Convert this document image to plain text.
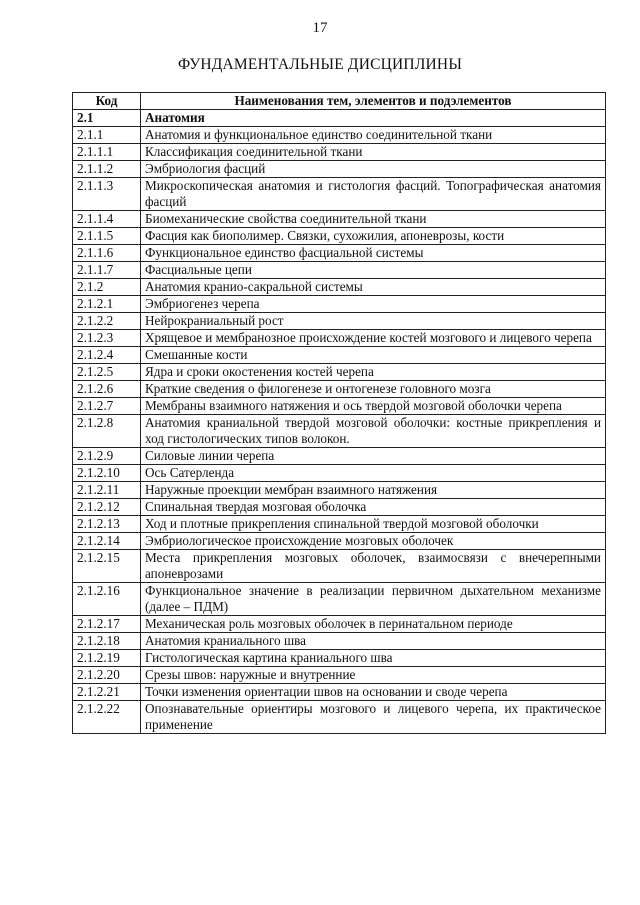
17
ФУНДАМЕНТАЛЬНЫЕ ДИСЦИПЛИНЫ
Код	Наименования тем, элементов и подэлементов
2.1	Анатомия
2.1.1	Анатомия и функциональное единство соединительной ткани
2.1.1.1	Классификация соединительной ткани
2.1.1.2	Эмбриология фасций
2.1.1.3	Микроскопическая анатомия и гистология фасций. Топографическая анатомия фасций
2.1.1.4	Биомеханические свойства соединительной ткани
2.1.1.5	Фасция как биополимер. Связки, сухожилия, апоневрозы, кости
2.1.1.6	Функциональное единство фасциальной системы
2.1.1.7	Фасциальные цепи
2.1.2	Анатомия кранио-сакральной системы
2.1.2.1	Эмбриогенез черепа
2.1.2.2	Нейрокраниальный рост
2.1.2.3	Хрящевое и мембранозное происхождение костей мозгового и лицевого черепа
2.1.2.4	Смешанные кости
2.1.2.5	Ядра и сроки окостенения костей черепа
2.1.2.6	Краткие сведения о филогенезе и онтогенезе головного мозга
2.1.2.7	Мембраны взаимного натяжения и ось твердой мозговой оболочки черепа
2.1.2.8	Анатомия краниальной твердой мозговой оболочки: костные прикрепления и ход гистологических типов волокон.
2.1.2.9	Силовые линии черепа
2.1.2.10	Ось Сатерленда
2.1.2.11	Наружные проекции мембран взаимного натяжения
2.1.2.12	Спинальная твердая мозговая оболочка
2.1.2.13	Ход и плотные прикрепления спинальной твердой мозговой оболочки
2.1.2.14	Эмбриологическое происхождение мозговых оболочек
2.1.2.15	Места прикрепления мозговых оболочек, взаимосвязи с внечерепными апоневрозами
2.1.2.16	Функциональное значение в реализации первичном дыхательном механизме (далее – ПДМ)
2.1.2.17	Механическая роль мозговых оболочек в перинатальном периоде
2.1.2.18	Анатомия краниального шва
2.1.2.19	Гистологическая картина краниального шва
2.1.2.20	Срезы швов: наружные и внутренние
2.1.2.21	Точки изменения ориентации швов на основании и своде черепа
2.1.2.22	Опознавательные ориентиры мозгового и лицевого черепа, их практическое применение
